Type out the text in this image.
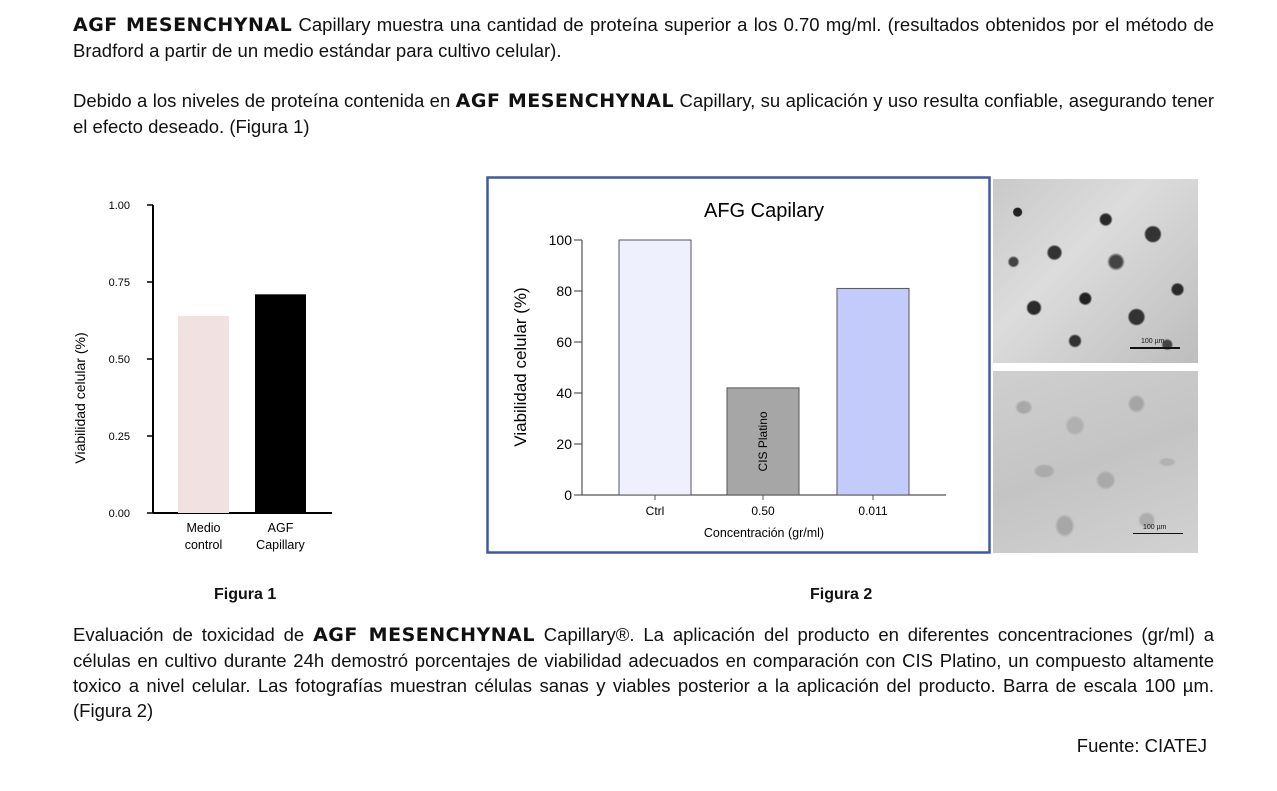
AGF MESENCHYNAL Capillary muestra una cantidad de proteína superior a los 0.70 mg/ml. (resultados obtenidos por el método de Bradford a partir de un medio estándar para cultivo celular).
Debido a los niveles de proteína contenida en AGF MESENCHYNAL Capillary, su aplicación y uso resulta confiable, asegurando tener el efecto deseado. (Figura 1)
0.00
0.25
0.50
0.75
1.00
Medio
control
AGF
Capillary
Viabilidad celular (%)
AFG Capilary
0
20
40
60
80
100
Ctrl	0.50
CIS Platino
0.011
Concentración (gr/ml)
Viabilidad celular (%)	100 µm
100 µm
Figura 1	Figura 2
Evaluación de toxicidad de AGF MESENCHYNAL Capillary®. La aplicación del producto en diferentes concentraciones (gr/ml) a células en cultivo durante 24h demostró porcentajes de viabilidad adecuados en comparación con CIS Platino, un compuesto altamente toxico a nivel celular. Las fotografías muestran células sanas y viables posterior a la aplicación del producto. Barra de escala 100 µm. (Figura 2)
Fuente: CIATEJ
